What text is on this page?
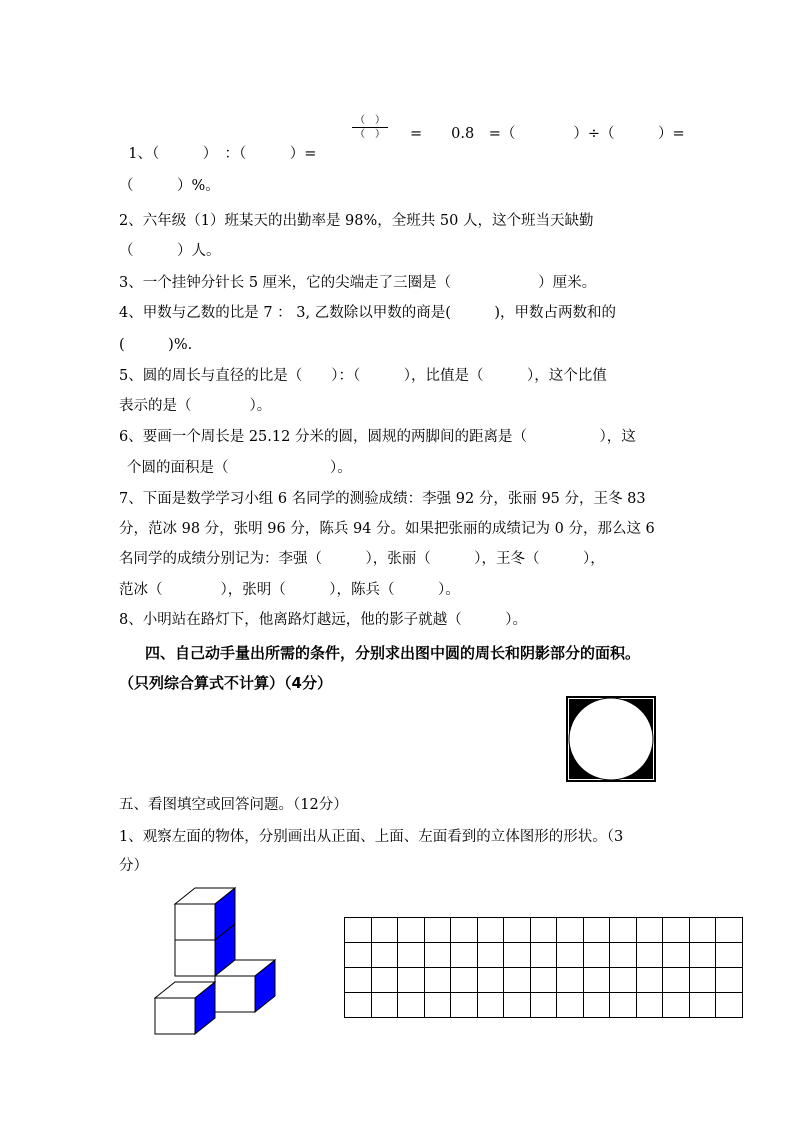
1、（　　　）　：（　　　）=

（　）
（　） =　　0.8　=（　　　　）÷（　　　）=
（　　　）%。
2、六年级（1）班某天的出勤率是 98%，全班共 50 人，这个班当天缺勤
（　　　）人。
3、一个挂钟分针长 5 厘米，它的尖端走了三圈是（　　　　　　）厘米。
4、甲数与乙数的比是 7 ： 3, 乙数除以甲数的商是(　　　)，甲数占两数和的
(　　　)%.
5、圆的周长与直径的比是（　　）：（　　　），比值是（　　　），这个比值
表示的是（　　　　）。
6、要画一个周长是 25.12 分米的圆，圆规的两脚间的距离是（　　　　　），这
个圆的面积是（　　　　　　　）。
7、下面是数学学习小组 6 名同学的测验成绩：李强 92 分，张丽 95 分，王冬 83
分，范冰 98 分，张明 96 分，陈兵 94 分。如果把张丽的成绩记为 0 分，那么这 6
名同学的成绩分别记为：李强（　　　），张丽（　　　），王冬（　　　），
范冰（　　　　），张明（　　　），陈兵（　　　）。
8、小明站在路灯下，他离路灯越远，他的影子就越（　　　）。
四、自己动手量出所需的条件，分别求出图中圆的周长和阴影部分的面积。
（只列综合算式不计算）（4分）
五、看图填空或回答问题。（12分）
1、观察左面的物体，分别画出从正面、上面、左面看到的立体图形的形状。（3
分）
